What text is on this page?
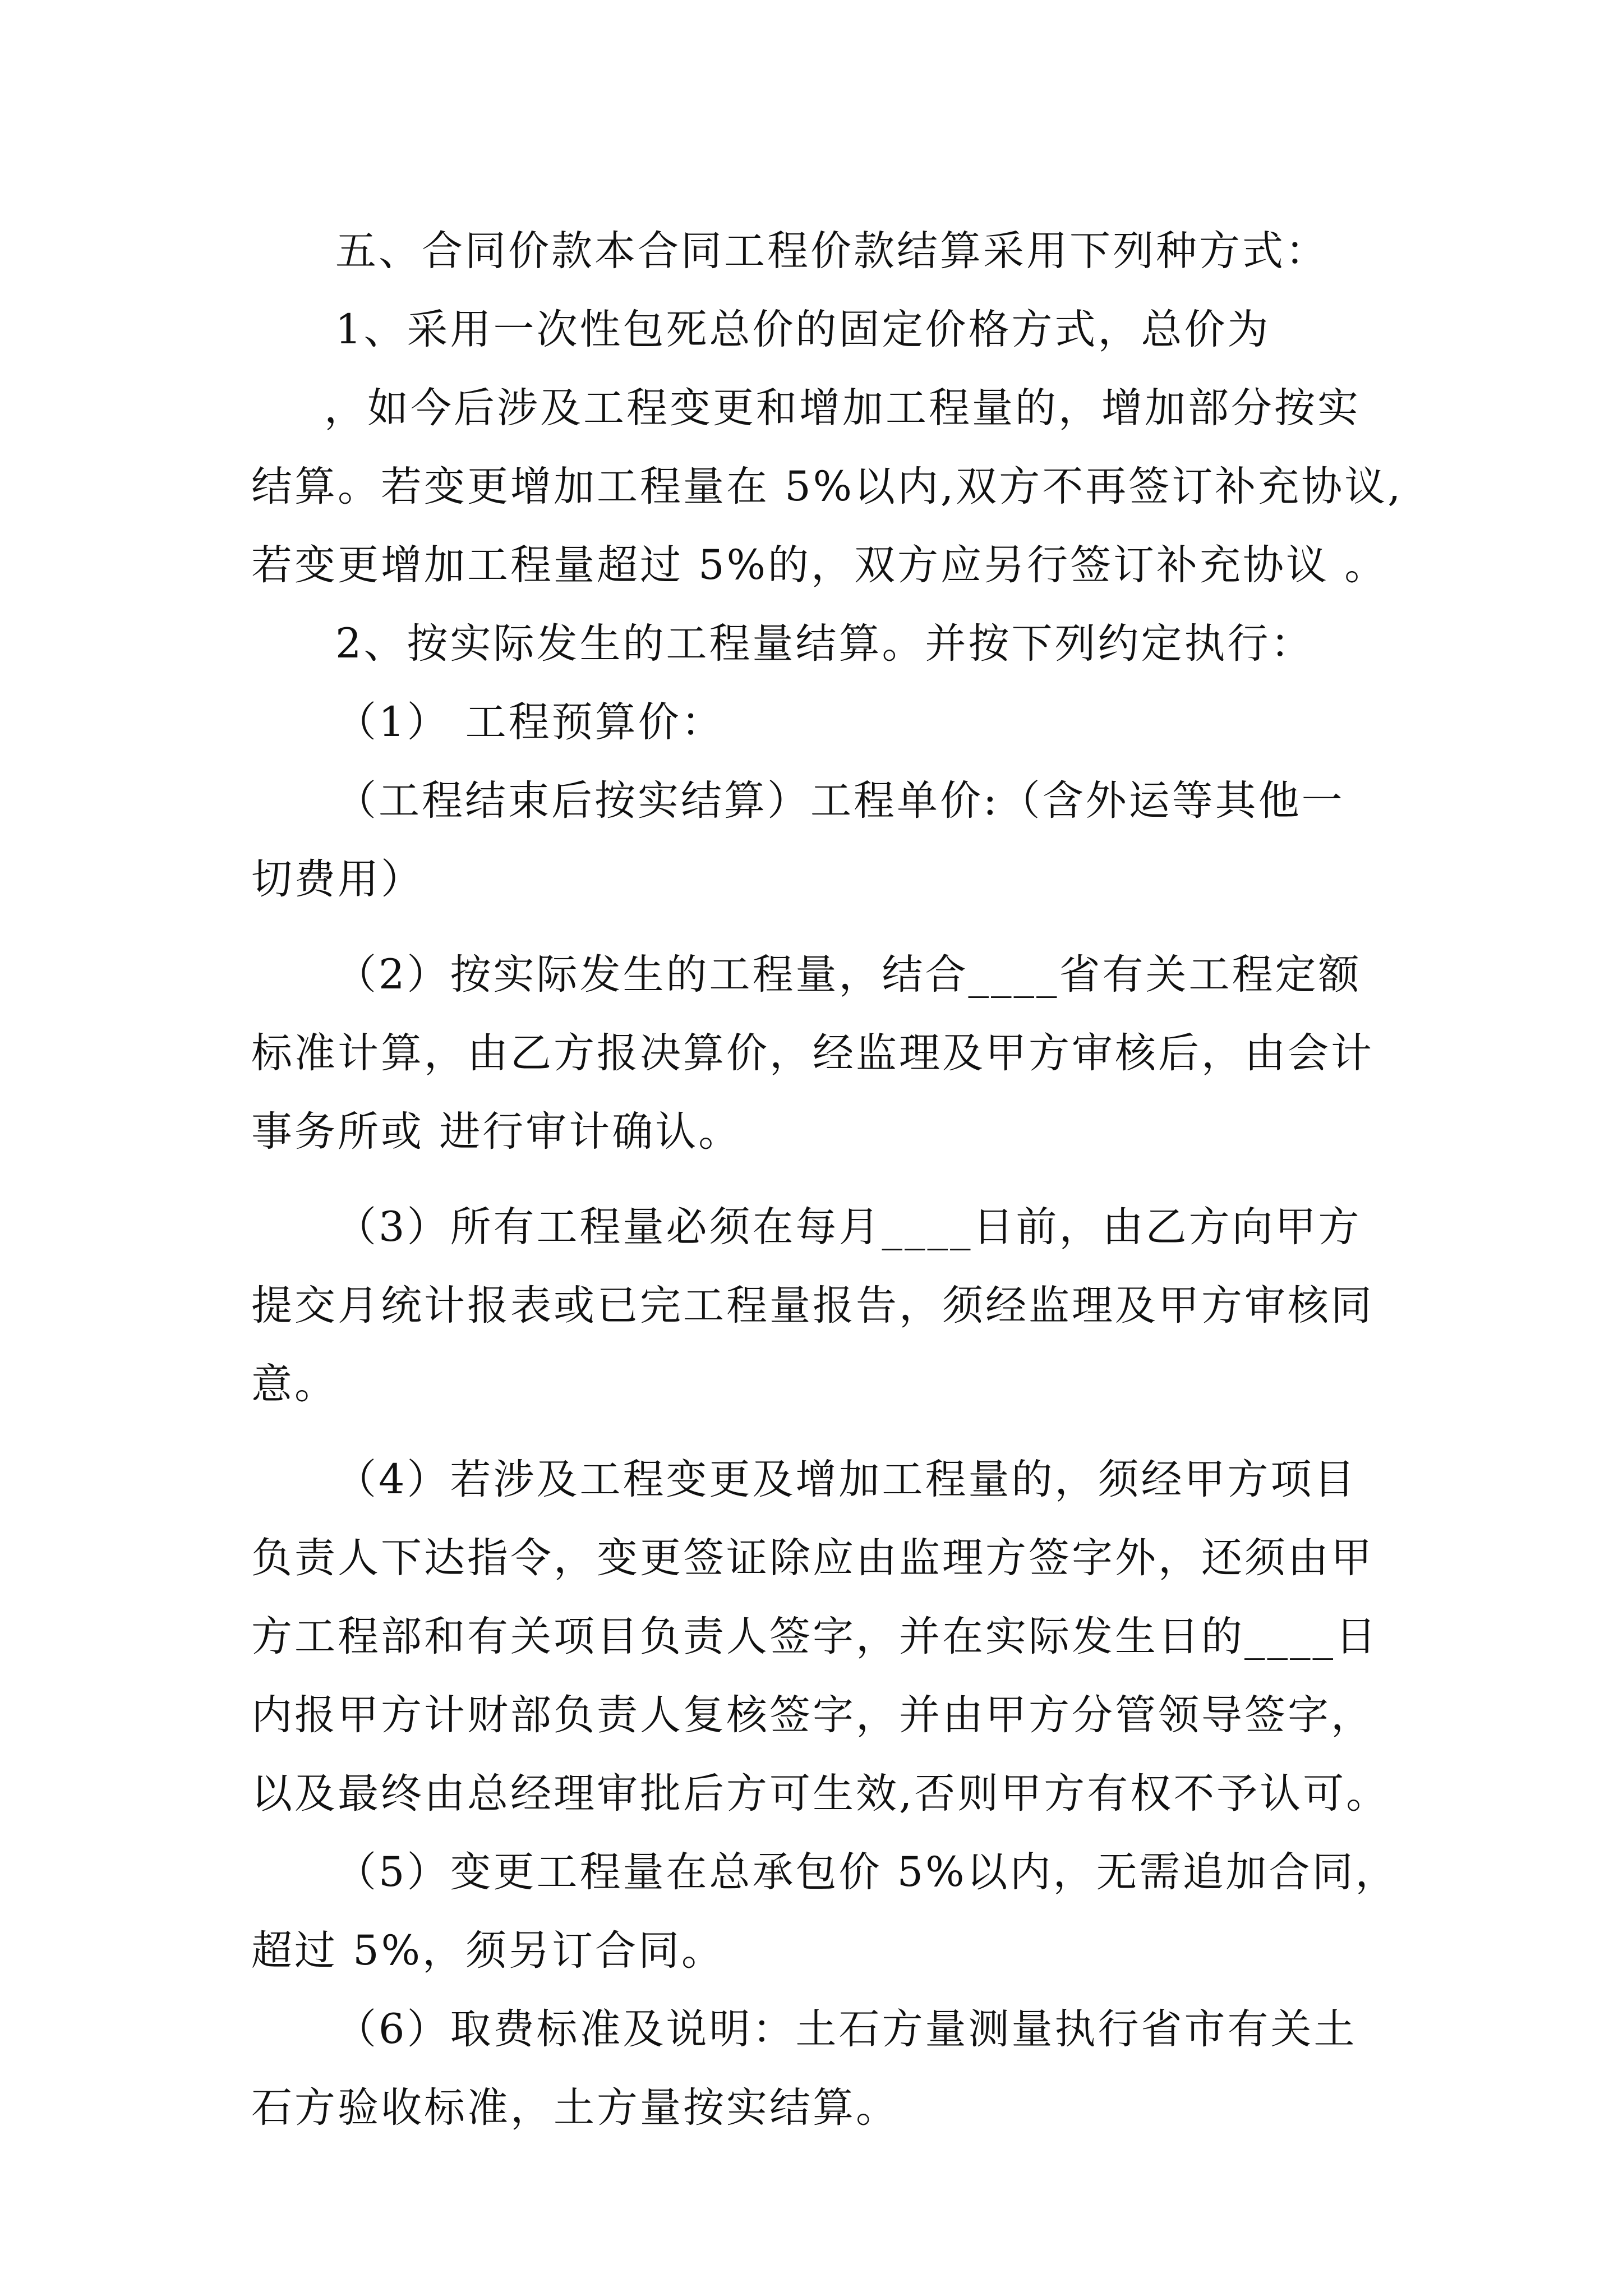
五、合同价款本合同工程价款结算采用下列种方式：
1、采用一次性包死总价的固定价格方式，总价为
，如今后涉及工程变更和增加工程量的，增加部分按实
结算。若变更增加工程量在 5%以内,双方不再签订补充协议,
若变更增加工程量超过 5%的，双方应另行签订补充协议 。
2、按实际发生的工程量结算。并按下列约定执行：
（1） 工程预算价：
（工程结束后按实结算）工程单价:（含外运等其他一
切费用）
（2）按实际发生的工程量，结合____省有关工程定额
标准计算，由乙方报决算价，经监理及甲方审核后，由会计
事务所或 进行审计确认。
（3）所有工程量必须在每月____日前，由乙方向甲方
提交月统计报表或已完工程量报告，须经监理及甲方审核同
意。
（4）若涉及工程变更及增加工程量的，须经甲方项目
负责人下达指令，变更签证除应由监理方签字外，还须由甲
方工程部和有关项目负责人签字，并在实际发生日的____日
内报甲方计财部负责人复核签字，并由甲方分管领导签字，
以及最终由总经理审批后方可生效,否则甲方有权不予认可。
（5）变更工程量在总承包价 5%以内，无需追加合同，
超过 5%，须另订合同。
（6）取费标准及说明：土石方量测量执行省市有关土
石方验收标准，土方量按实结算。
